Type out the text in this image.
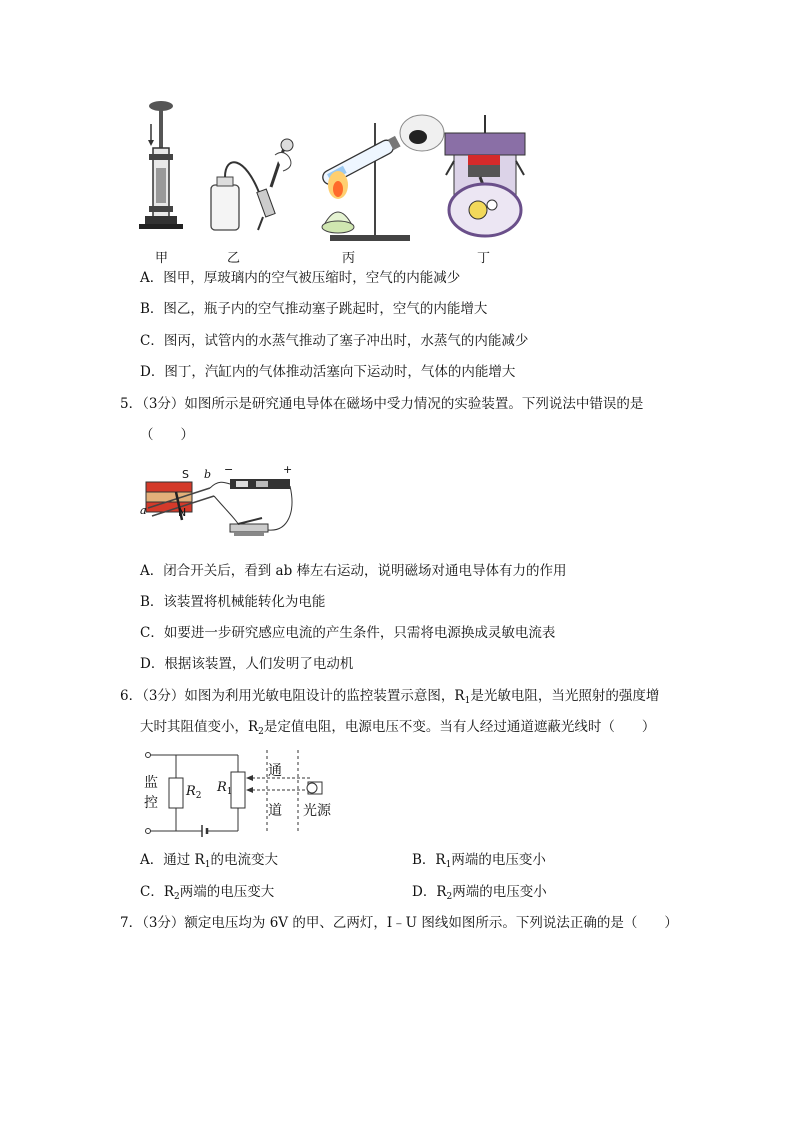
甲	乙	丙	丁
A．图甲，厚玻璃内的空气被压缩时，空气的内能减少
B．图乙，瓶子内的空气推动塞子跳起时，空气的内能增大
C．图丙，试管内的水蒸气推动了塞子冲出时，水蒸气的内能减少
D．图丁，汽缸内的气体推动活塞向下运动时，气体的内能增大
5．（3分）如图所示是研究通电导体在磁场中受力情况的实验装置。下列说法中错误的是
（　　）
S
N
a
b −	+
A．闭合开关后，看到 ab 棒左右运动，说明磁场对通电导体有力的作用
B．该装置将机械能转化为电能
C．如要进一步研究感应电流的产生条件，只需将电源换成灵敏电流表
D．根据该装置，人们发明了电动机
6．（3分）如图为利用光敏电阻设计的监控装置示意图，$R_1$是光敏电阻，当光照射的强度增
大时其阻值变小，$R_2$是定值电阻，电源电压不变。当有人经过通道遮蔽光线时（　　）
监
控
$R_2$
$R_1$
通
道 光源
A．通过 $R_1$的电流变大	B．$R_1$两端的电压变小
C．$R_2$两端的电压变大	D．$R_2$两端的电压变小
7．（3分）额定电压均为 6V 的甲、乙两灯，I﹣U 图线如图所示。下列说法正确的是（　　）
